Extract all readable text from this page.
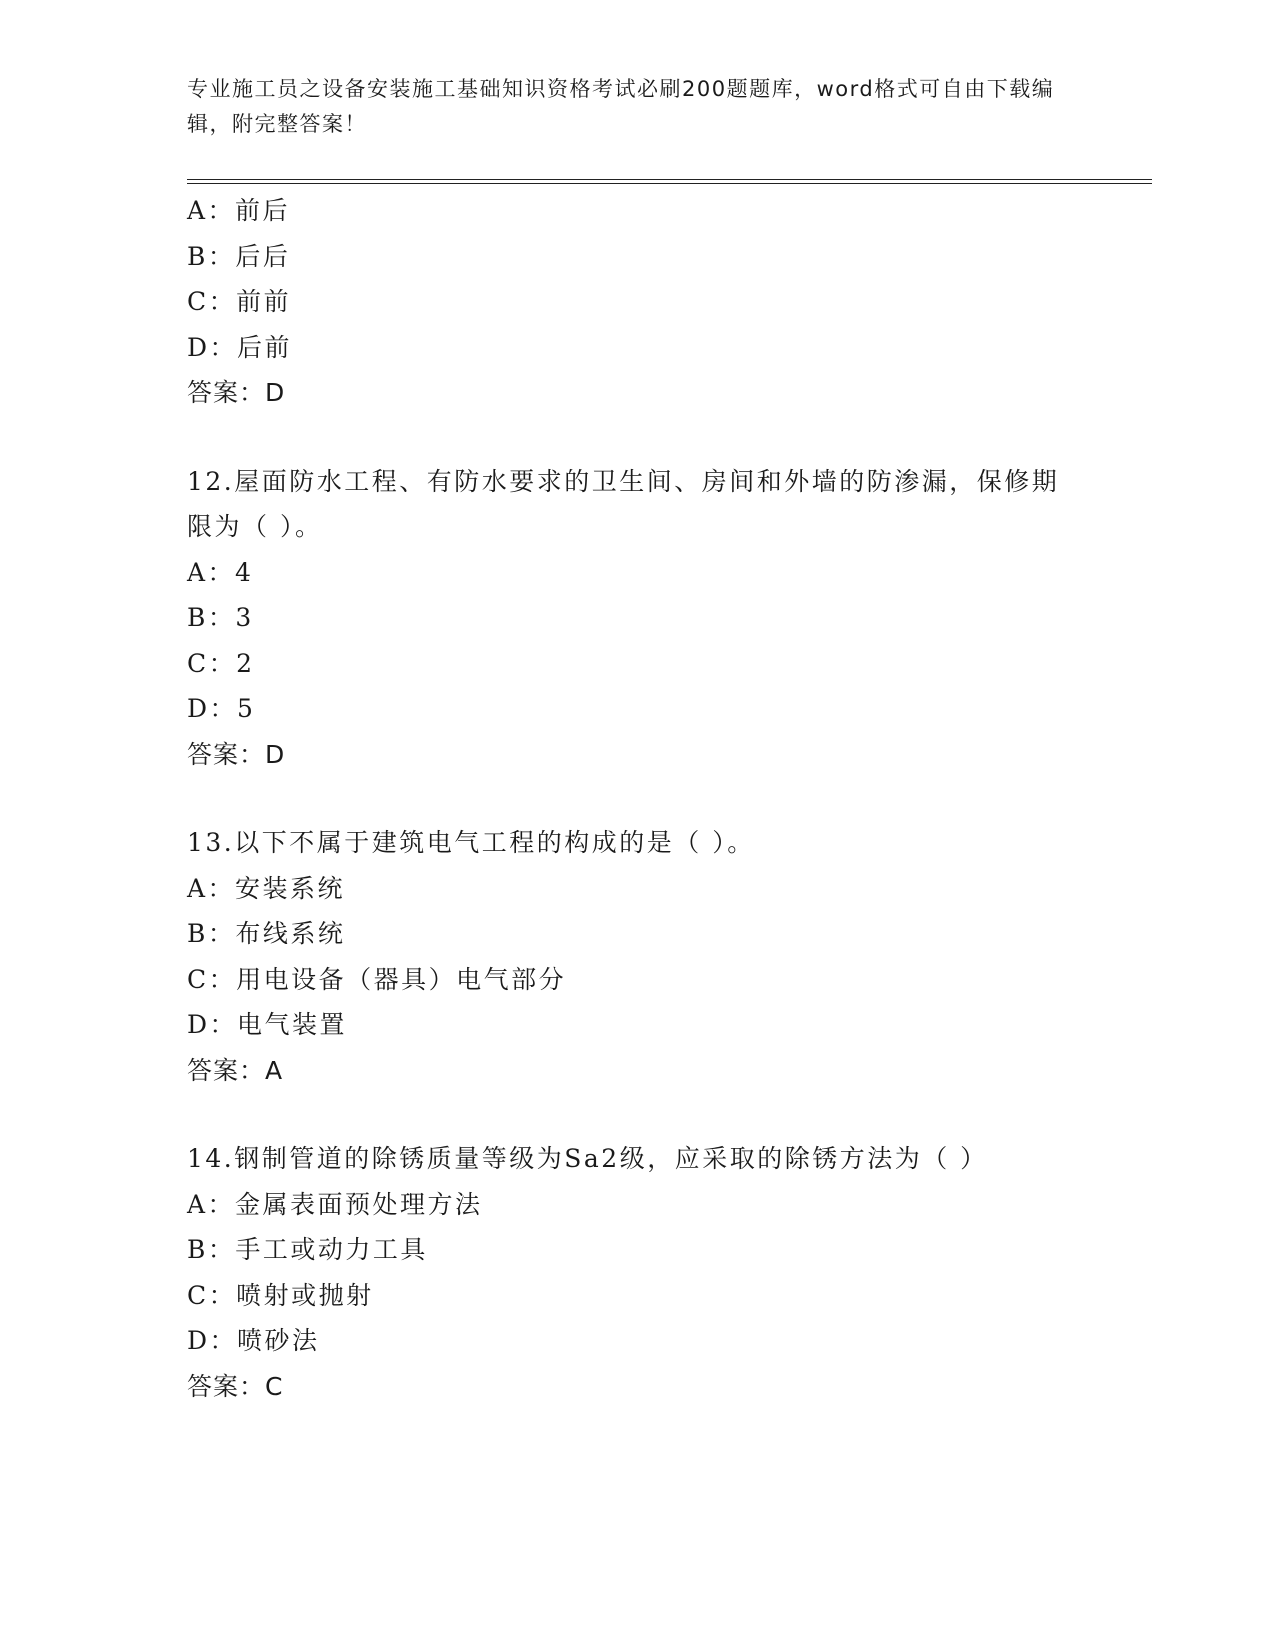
专业施工员之设备安装施工基础知识资格考试必刷200题题库，word格式可自由下载编辑，附完整答案！
A：前后
B：后后
C：前前
D：后前
答案：D
12.屋面防水工程、有防水要求的卫生间、房间和外墙的防渗漏，保修期限为（ ）。
A：4
B：3
C：2
D：5
答案：D
13.以下不属于建筑电气工程的构成的是（ ）。
A：安装系统
B：布线系统
C：用电设备（器具）电气部分
D：电气装置
答案：A
14.钢制管道的除锈质量等级为Sa2级，应采取的除锈方法为（ ）
A：金属表面预处理方法
B：手工或动力工具
C：喷射或抛射
D：喷砂法
答案：C
